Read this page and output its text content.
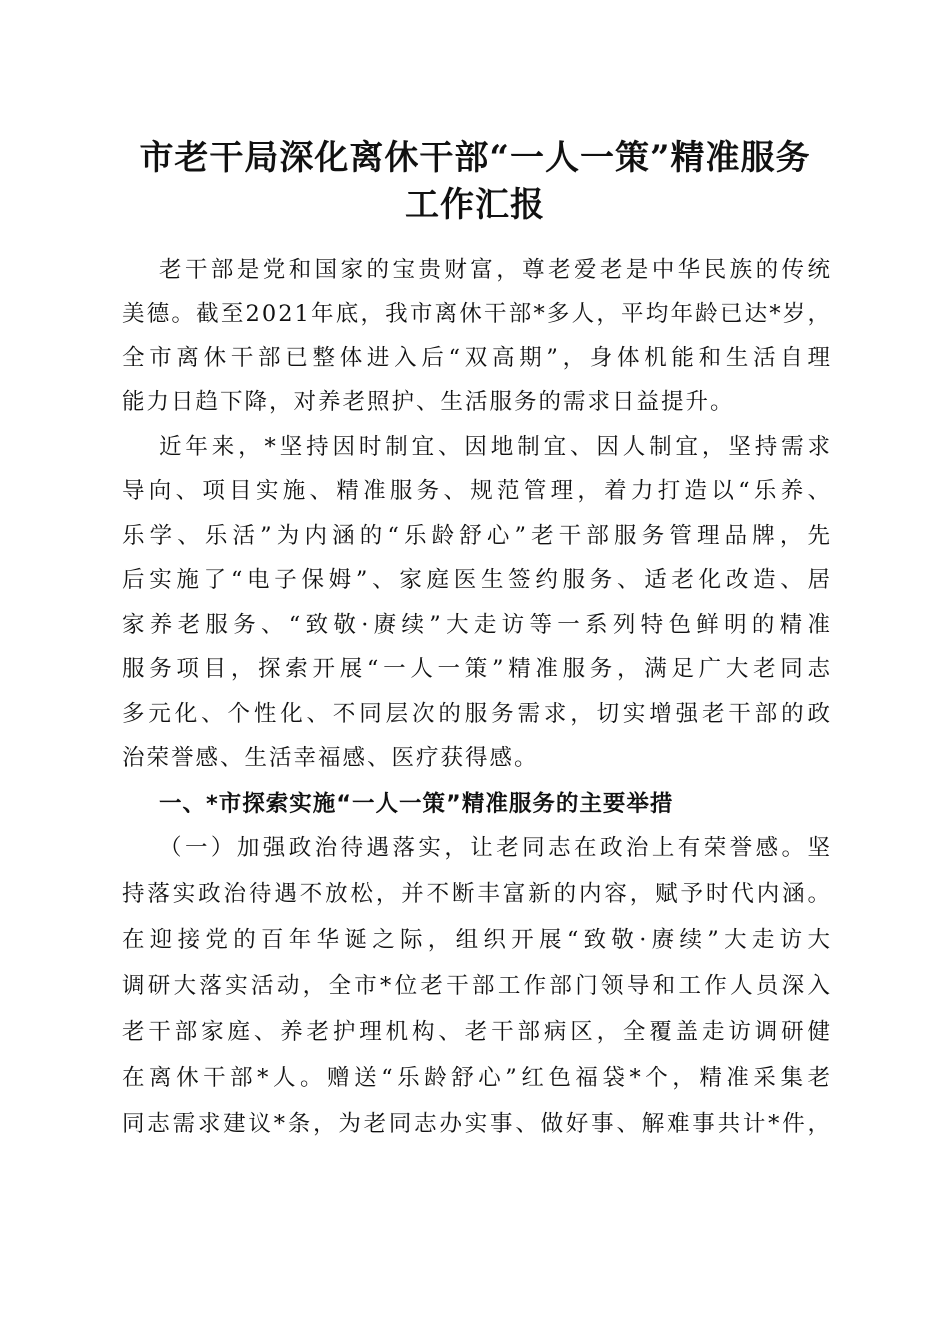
市老干局深化离休干部“一人一策”精准服务
工作汇报
老干部是党和国家的宝贵财富，尊老爱老是中华民族的传统
美德。截至2021年底，我市离休干部*多人，平均年龄已达*岁，
全市离休干部已整体进入后“双高期”，身体机能和生活自理
能力日趋下降，对养老照护、生活服务的需求日益提升。
近年来，*坚持因时制宜、因地制宜、因人制宜，坚持需求
导向、项目实施、精准服务、规范管理，着力打造以“乐养、
乐学、乐活”为内涵的“乐龄舒心”老干部服务管理品牌，先
后实施了“电子保姆”、家庭医生签约服务、适老化改造、居
家养老服务、“致敬·赓续”大走访等一系列特色鲜明的精准
服务项目，探索开展“一人一策”精准服务，满足广大老同志
多元化、个性化、不同层次的服务需求，切实增强老干部的政
治荣誉感、生活幸福感、医疗获得感。
一、*市探索实施“一人一策”精准服务的主要举措
（一）加强政治待遇落实，让老同志在政治上有荣誉感。坚
持落实政治待遇不放松，并不断丰富新的内容，赋予时代内涵。
在迎接党的百年华诞之际，组织开展“致敬·赓续”大走访大
调研大落实活动，全市*位老干部工作部门领导和工作人员深入
老干部家庭、养老护理机构、老干部病区，全覆盖走访调研健
在离休干部*人。赠送“乐龄舒心”红色福袋*个，精准采集老
同志需求建议*条，为老同志办实事、做好事、解难事共计*件，
